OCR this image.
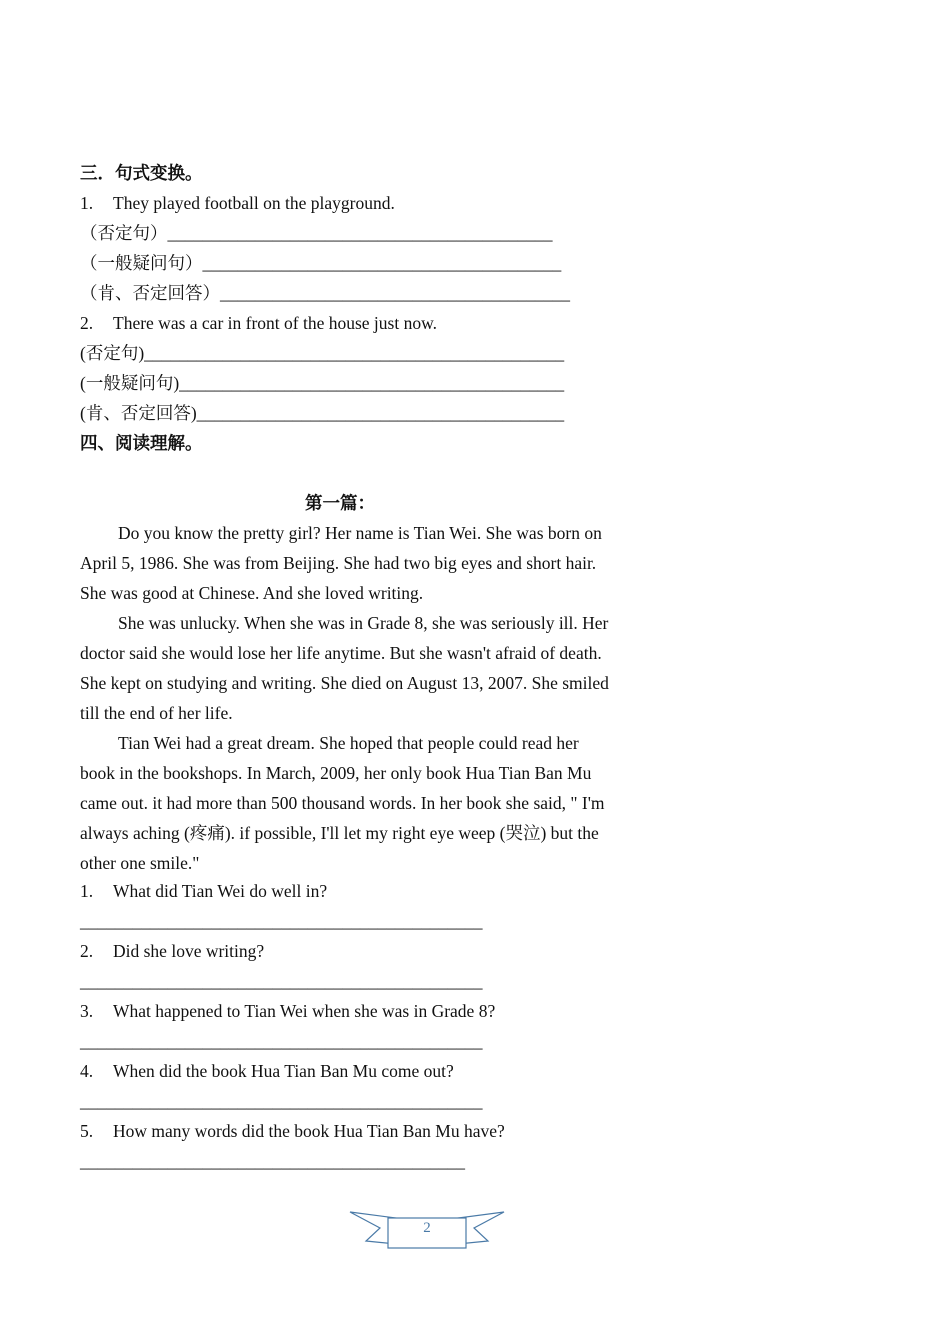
三．句式变换。
1. They played football on the playground.
（否定句）____________________________________________
（一般疑问句）_________________________________________
（肯、否定回答）________________________________________
2. There was a car in front of the house just now.
(否定句)________________________________________________
(一般疑问句)____________________________________________
(肯、否定回答)__________________________________________
四、阅读理解。
第一篇：

Do you know the pretty girl? Her name is Tian Wei. She was born on April 5, 1986. She was from Beijing. She had two big eyes and short hair. She was good at Chinese. And she loved writing.

She was unlucky. When she was in Grade 8, she was seriously ill. Her doctor said she would lose her life anytime. But she wasn't afraid of death. She kept on studying and writing. She died on August 13, 2007. She smiled till the end of her life.

Tian Wei had a great dream. She hoped that people could read her book in the bookshops. In March, 2009, her only book Hua Tian Ban Mu came out. it had more than 500 thousand words. In her book she said, " I'm always aching (疼痛). if possible, I'll let my right eye weep (哭泣) but the other one smile."

1. What did Tian Wei do well in?
______________________________________________
2. Did she love writing?
______________________________________________
3. What happened to Tian Wei when she was in Grade 8?
______________________________________________
4. When did the book Hua Tian Ban Mu come out?
______________________________________________
5. How many words did the book Hua Tian Ban Mu have?
____________________________________________
2
